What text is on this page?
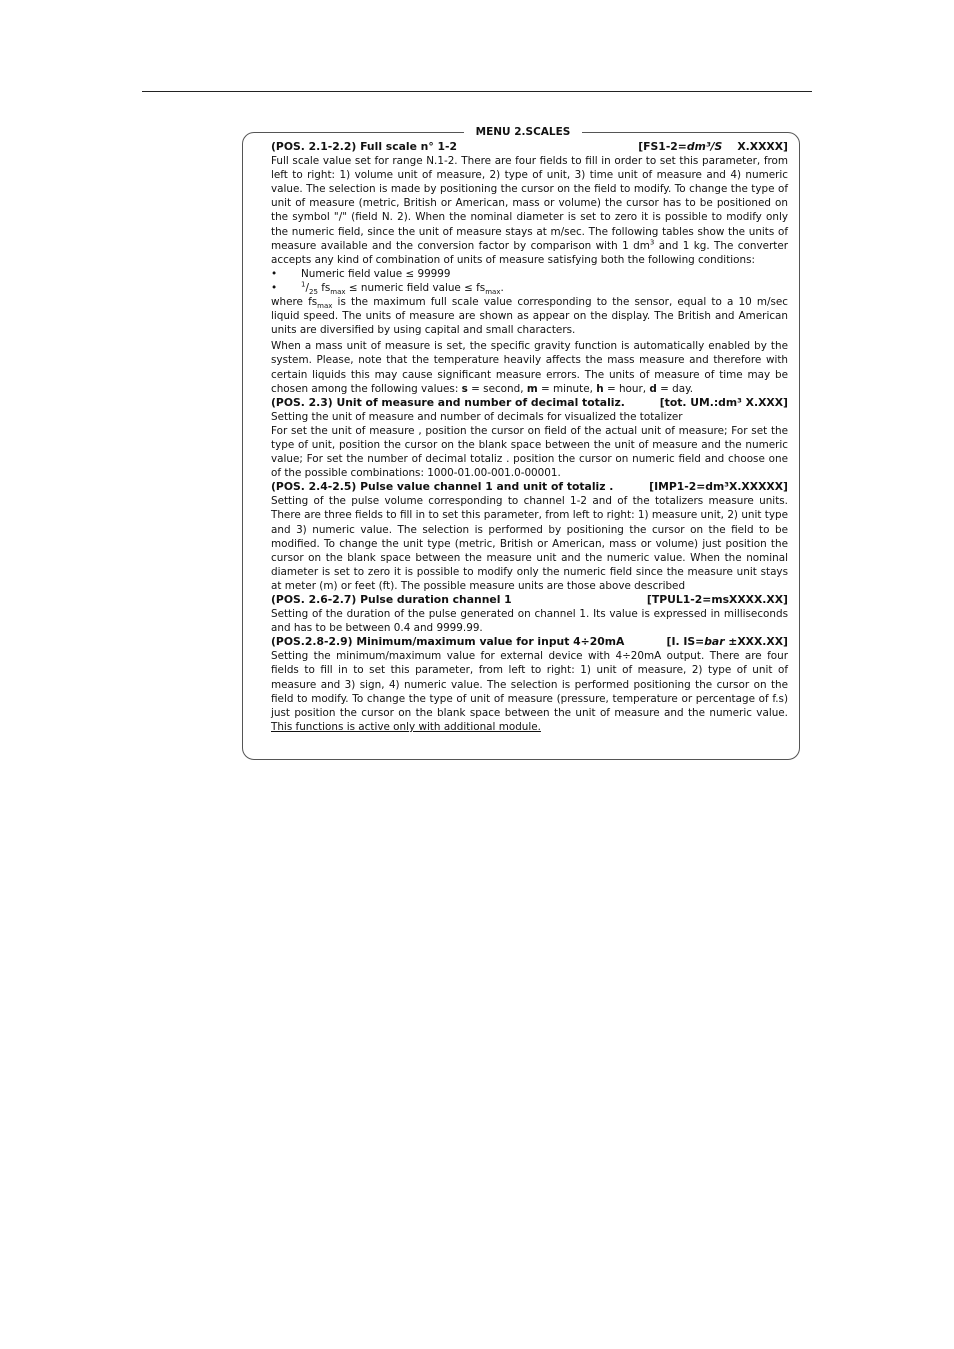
MENU 2.SCALES
(POS. 2.1-2.2) Full scale n° 1-2	[FS1-2=dm³/S    X.XXXX]

Full scale value set for range N.1-2. There are four fields to fill in order to set this parameter, from left to right: 1) volume unit of measure, 2) type of unit, 3) time unit of measure and 4) numeric value. The selection is made by positioning the cursor on the field to modify. To change the type of unit of measure (metric, British or American, mass or volume) the cursor has to be positioned on the symbol "/" (field N. 2). When the nominal diameter is set to zero it is possible to modify only the numeric field, since the unit of measure stays at m/sec. The following tables show the units of measure available and the conversion factor by comparison with 1 $dm^3$ and 1 kg. The converter accepts any kind of combination of units of measure satisfying both the following conditions:

•	Numeric field value ≤ 99999
•	$^1/_{25}$ $fs_{max}$ ≤ numeric field value ≤ $fs_{max}$.

where $fs_{max}$ is the maximum full scale value corresponding to the sensor, equal to a 10 m/sec liquid speed. The units of measure are shown as appear on the display. The British and American units are diversified by using capital and small characters.

When a mass unit of measure is set, the specific gravity function is automatically enabled by the system. Please, note that the temperature heavily affects the mass measure and therefore with certain liquids this may cause significant measure errors. The units of measure of time may be chosen among the following values: s = second, m = minute, h = hour, d = day.

(POS. 2.3) Unit of measure and number of decimal totaliz.	[tot. UM.:dm³ X.XXX]

Setting the unit of measure and number of decimals for visualized the totalizer

For set the unit of measure , position the cursor on field of the actual unit of measure; For set the type of unit, position the cursor on the blank space between the unit of measure and the numeric value; For set the number of decimal totaliz . position the cursor on numeric field and choose one of the possible combinations: 1000-01.00-001.0-00001.

(POS. 2.4-2.5) Pulse value channel 1 and unit of totaliz .	[IMP1-2=dm³X.XXXXX]

Setting of the pulse volume corresponding to channel 1-2 and of the totalizers measure units. There are three fields to fill in to set this parameter, from left to right: 1) measure unit, 2) unit type and 3) numeric value. The selection is performed by positioning the cursor on the field to be modified. To change the unit type (metric, British or American, mass or volume) just position the cursor on the blank space between the measure unit and the numeric value. When the nominal diameter is set to zero it is possible to modify only the numeric field since the measure unit stays at meter (m) or feet (ft). The possible measure units are those above described

(POS. 2.6-2.7) Pulse duration channel 1	[TPUL1-2=msXXXX.XX]

Setting of the duration of the pulse generated on channel 1. Its value is expressed in milliseconds and has to be between 0.4 and 9999.99.

(POS.2.8-2.9) Minimum/maximum value for input 4÷20mA	[I. IS=bar ±XXX.XX]

Setting the minimum/maximum value for external device with 4÷20mA output. There are four fields to fill in to set this parameter, from left to right: 1) unit of measure, 2) type of unit of measure and 3) sign, 4) numeric value. The selection is performed positioning the cursor on the field to modify. To change the type of unit of measure (pressure, temperature or percentage of f.s) just position the cursor on the blank space between the unit of measure and the numeric value. This functions is active only with additional module.
